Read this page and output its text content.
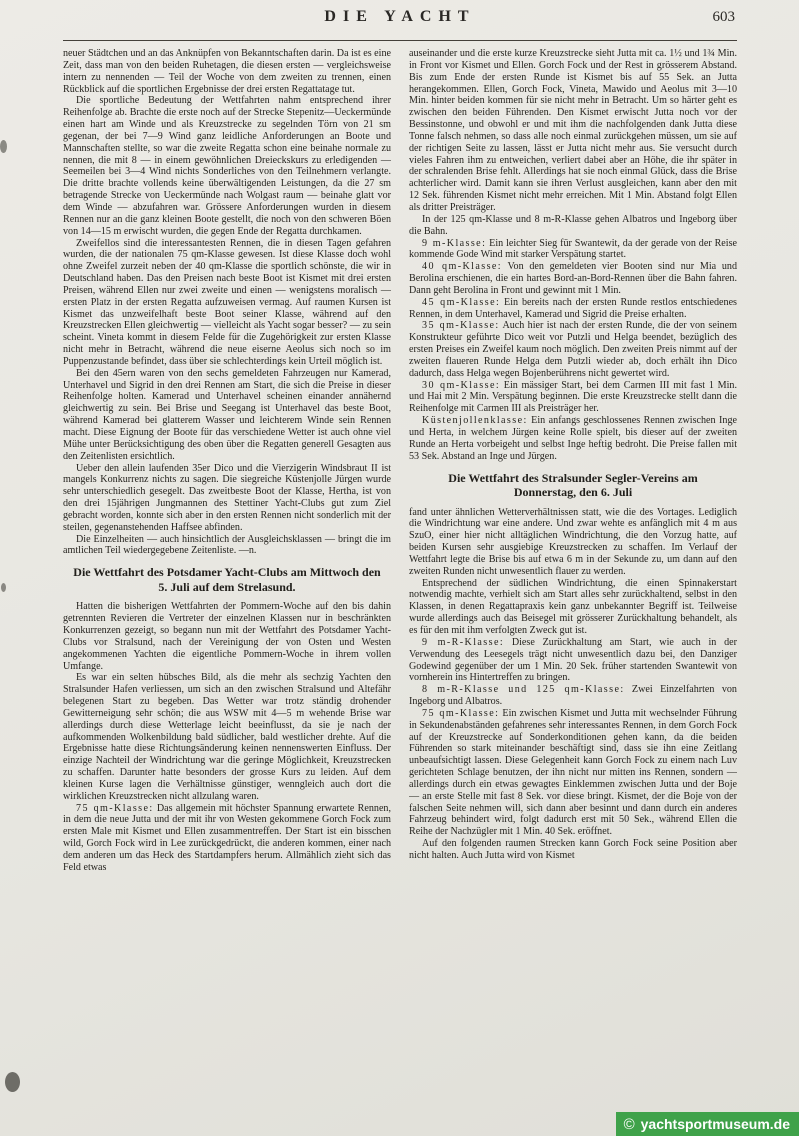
DIE YACHT	603

neuer Städtchen und an das Anknüpfen von Bekanntschaften darin. Da ist es eine Zeit, dass man von den beiden Ruhetagen, die diesen ersten — vergleichsweise intern zu nennenden — Teil der Woche von dem zweiten zu trennen, einen Rückblick auf die sportlichen Ergebnisse der drei ersten Regattatage tut.

Die sportliche Bedeutung der Wettfahrten nahm entsprechend ihrer Reihenfolge ab. Brachte die erste noch auf der Strecke Stepenitz—Ueckermünde einen hart am Winde und als Kreuzstrecke zu segelnden Törn von 21 sm gegenan, der bei 7—9 Wind ganz leidliche Anforderungen an Boote und Mannschaften stellte, so war die zweite Regatta schon eine beinahe normale zu nennen, die mit 8 — in einem gewöhnlichen Dreieckskurs zu erledigenden — Seemeilen bei 3—4 Wind nichts Sonderliches von den Teilnehmern verlangte. Die dritte brachte vollends keine überwältigenden Leistungen, da die 27 sm betragende Strecke von Ueckermünde nach Wolgast raum — beinahe glatt vor dem Winde — abzufahren war. Grössere Anforderungen wurden in diesem Rennen nur an die ganz kleinen Boote gestellt, die noch von den schweren Böen von 14—15 m erwischt wurden, die gegen Ende der Regatta durchkamen.

Zweifellos sind die interessantesten Rennen, die in diesen Tagen gefahren wurden, die der nationalen 75 qm-Klasse gewesen. Ist diese Klasse doch wohl ohne Zweifel zurzeit neben der 40 qm-Klasse die sportlich schönste, die wir in Deutschland haben. Das den Preisen nach beste Boot ist Kismet mit drei ersten Preisen, während Ellen nur zwei zweite und einen — wenigstens moralisch — ersten Platz in der ersten Regatta aufzuweisen vermag. Auf raumen Kursen ist Kismet das unzweifelhaft beste Boot seiner Klasse, während auf den Kreuzstrecken Ellen gleichwertig — vielleicht als Yacht sogar besser? — zu sein scheint. Vineta kommt in diesem Felde für die Zugehörigkeit zur ersten Klasse nicht mehr in Betracht, während die neue eiserne Aeolus sich noch so im Puppenzustande befindet, dass über sie schlechterdings kein Urteil möglich ist.

Bei den 45ern waren von den sechs gemeldeten Fahrzeugen nur Kamerad, Unterhavel und Sigrid in den drei Rennen am Start, die sich die Preise in dieser Reihenfolge holten. Kamerad und Unterhavel scheinen einander annähernd gleichwertig zu sein. Bei Brise und Seegang ist Unterhavel das beste Boot, während Kamerad bei glatterem Wasser und leichterem Winde sein Rennen macht. Diese Eignung der Boote für das verschiedene Wetter ist auch ohne viel Mühe unter Berücksichtigung des oben über die Regatten generell Gesagten aus den Zeitenlisten ersichtlich.

Ueber den allein laufenden 35er Dico und die Vierzigerin Windsbraut II ist mangels Konkurrenz nichts zu sagen. Die siegreiche Küstenjolle Jürgen wurde sehr unterschiedlich gesegelt. Das zweitbeste Boot der Klasse, Hertha, ist von den drei 15jährigen Jungmannen des Stettiner Yacht-Clubs gut zum Ziel gebracht worden, konnte sich aber in den ersten Rennen nicht sonderlich mit der steilen, gegenanstehenden Haffsee abfinden.

Die Einzelheiten — auch hinsichtlich der Ausgleichsklassen — bringt die im amtlichen Teil wiedergegebene Zeitenliste. —n.

Die Wettfahrt des Potsdamer Yacht-Clubs am Mittwoch den 5. Juli auf dem Strelasund.

Hatten die bisherigen Wettfahrten der Pommern-Woche auf den bis dahin getrennten Revieren die Vertreter der einzelnen Klassen nur in beschränkten Konkurrenzen gezeigt, so begann nun mit der Wettfahrt des Potsdamer Yacht-Clubs vor Stralsund, nach der Vereinigung der von Osten und Westen angekommenen Yachten die eigentliche Pommern-Woche in ihrem vollen Umfange.

Es war ein selten hübsches Bild, als die mehr als sechzig Yachten den Stralsunder Hafen verliessen, um sich an den zwischen Stralsund und Altefähr belegenen Start zu begeben. Das Wetter war trotz ständig drohender Gewitterneigung sehr schön; die aus WSW mit 4—5 m wehende Brise war allerdings durch diese Wetterlage leicht beeinflusst, da sie je nach der aufkommenden Wolkenbildung bald südlicher, bald westlicher drehte. Auf die Ergebnisse hatte diese Richtungsänderung keinen nennenswerten Einfluss. Der einzige Nachteil der Windrichtung war die geringe Möglichkeit, Kreuzstrecken zu schaffen. Darunter hatte besonders der grosse Kurs zu leiden. Auf dem kleinen Kurse lagen die Verhältnisse günstiger, wenngleich auch dort die wirklichen Kreuzstrecken nicht allzulang waren.

75 qm-Klasse: Das allgemein mit höchster Spannung erwartete Rennen, in dem die neue Jutta und der mit ihr von Westen gekommene Gorch Fock zum ersten Male mit Kismet und Ellen zusammentreffen. Der Start ist ein bisschen wild, Gorch Fock wird in Lee zurückgedrückt, die anderen kommen, einer nach dem anderen um das Heck des Startdampfers herum. Allmählich zieht sich das Feld etwas

auseinander und die erste kurze Kreuzstrecke sieht Jutta mit ca. 1½ und 1¾ Min. in Front vor Kismet und Ellen. Gorch Fock und der Rest in grösserem Abstand. Bis zum Ende der ersten Runde ist Kismet bis auf 55 Sek. an Jutta herangekommen. Ellen, Gorch Fock, Vineta, Mawido und Aeolus mit 3—10 Min. hinter beiden kommen für sie nicht mehr in Betracht. Um so härter geht es zwischen den beiden Führenden. Den Kismet erwischt Jutta noch vor der Bessinstonne, und obwohl er und mit ihm die nachfolgenden dank Jutta diese Tonne falsch nehmen, so dass alle noch einmal zurückgehen müssen, um sie auf der richtigen Seite zu lassen, lässt er Jutta nicht mehr aus. Sie versucht durch vieles Fahren ihm zu entweichen, verliert dabei aber an Höhe, die ihr später in der schralenden Brise fehlt. Allerdings hat sie noch einmal Glück, dass die Brise achterlicher wird. Damit kann sie ihren Verlust ausgleichen, kann aber den mit 12 Sek. führenden Kismet nicht mehr erreichen. Mit 1 Min. Abstand folgt Ellen als dritter Preisträger.

In der 125 qm-Klasse und 8 m-R-Klasse gehen Albatros und Ingeborg über die Bahn.

9 m-Klasse: Ein leichter Sieg für Swantewit, da der gerade von der Reise kommende Gode Wind mit starker Verspätung startet.

40 qm-Klasse: Von den gemeldeten vier Booten sind nur Mia und Berolina erschienen, die ein hartes Bord-an-Bord-Rennen über die Bahn fahren. Dann geht Berolina in Front und gewinnt mit 1 Min.

45 qm-Klasse: Ein bereits nach der ersten Runde restlos entschiedenes Rennen, in dem Unterhavel, Kamerad und Sigrid die Preise erhalten.

35 qm-Klasse: Auch hier ist nach der ersten Runde, die der von seinem Konstrukteur geführte Dico weit vor Putzli und Helga beendet, bezüglich des ersten Preises ein Zweifel kaum noch möglich. Den zweiten Preis nimmt auf der zweiten flaueren Runde Helga dem Putzli wieder ab, doch erhält ihn Dico dadurch, dass Helga wegen Bojenberührens nicht gewertet wird.

30 qm-Klasse: Ein mässiger Start, bei dem Carmen III mit fast 1 Min. und Hai mit 2 Min. Verspätung beginnen. Die erste Kreuzstrecke stellt dann die Reihenfolge mit Carmen III als Preisträger her.

Küstenjollenklasse: Ein anfangs geschlossenes Rennen zwischen Inge und Herta, in welchem Jürgen keine Rolle spielt, bis dieser auf der zweiten Runde an Herta vorbeigeht und selbst Inge heftig bedroht. Die Preise fallen mit 53 Sek. Abstand an Inge und Jürgen.

Die Wettfahrt des Stralsunder Segler-Vereins am Donnerstag, den 6. Juli

fand unter ähnlichen Wetterverhältnissen statt, wie die des Vortages. Lediglich die Windrichtung war eine andere. Und zwar wehte es anfänglich mit 4 m aus SzuO, einer hier nicht alltäglichen Windrichtung, die den Vorzug hatte, auf beiden Kursen sehr ausgiebige Kreuzstrecken zu schaffen. Im Verlauf der Wettfahrt legte die Brise bis auf etwa 6 m in der Sekunde zu, um dann auf den zweiten Runden nicht unwesentlich flauer zu werden.

Entsprechend der südlichen Windrichtung, die einen Spinnakerstart notwendig machte, verhielt sich am Start alles sehr zurückhaltend, selbst in den Klassen, in denen Regattapraxis kein ganz unbekannter Begriff ist. Teilweise wurde allerdings auch das Beisegel mit grösserer Zurückhaltung behandelt, als es für den mit ihm verfolgten Zweck gut ist.

9 m-R-Klasse: Diese Zurückhaltung am Start, wie auch in der Verwendung des Leesegels trägt nicht unwesentlich dazu bei, den Danziger Godewind gegenüber der um 1 Min. 20 Sek. früher startenden Swantewit von vornherein ins Hintertreffen zu bringen.

8 m-R-Klasse und 125 qm-Klasse: Zwei Einzelfahrten von Ingeborg und Albatros.

75 qm-Klasse: Ein zwischen Kismet und Jutta mit wechselnder Führung in Sekundenabständen gefahrenes sehr interessantes Rennen, in dem Gorch Fock auf der Kreuzstrecke auf Sonderkonditionen gehen kann, da die beiden Führenden so stark miteinander beschäftigt sind, dass sie ihn eine Zeitlang unbeaufsichtigt lassen. Diese Gelegenheit kann Gorch Fock zu einem nach Luv gerichteten Schlage benutzen, der ihn nicht nur mitten ins Rennen, sondern — allerdings durch ein etwas gewagtes Einklemmen zwischen Jutta und der Boje — an erste Stelle mit fast 8 Sek. vor diese bringt. Kismet, der die Boje von der falschen Seite nehmen will, sich dann aber besinnt und dann durch ein anderes Fahrzeug behindert wird, folgt dadurch erst mit 50 Sek., während Ellen die Reihe der Nachzügler mit 1 Min. 40 Sek. eröffnet.

Auf den folgenden raumen Strecken kann Gorch Fock seine Position aber nicht halten. Auch Jutta wird von Kismet

© yachtsportmuseum.de
